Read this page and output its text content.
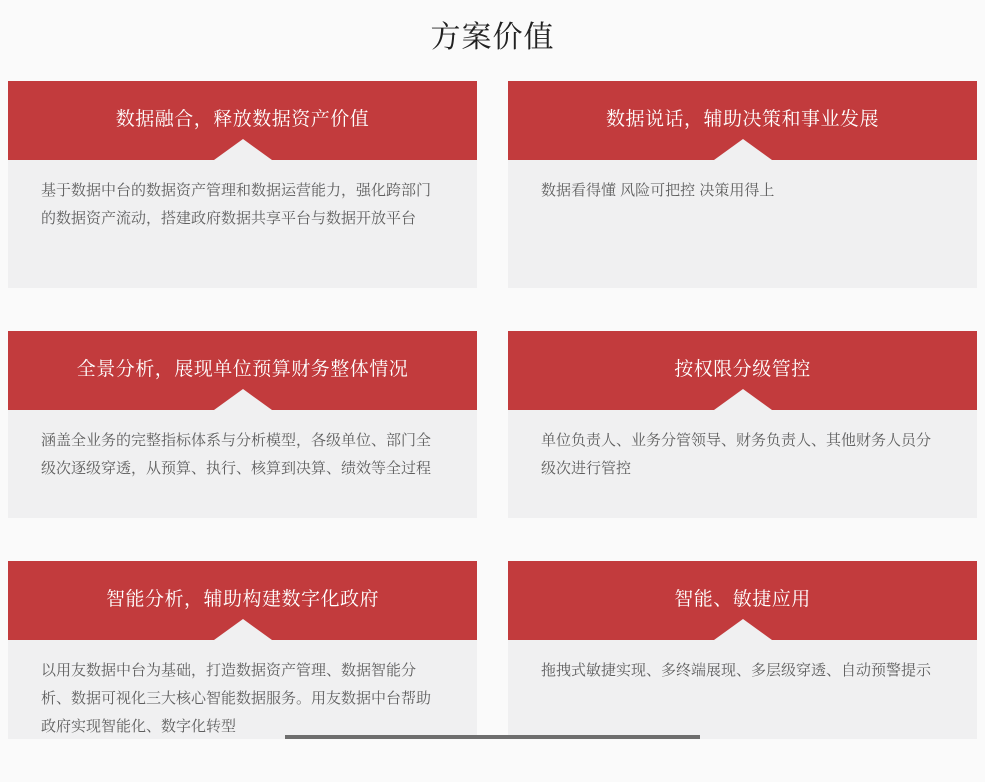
方案价值
数据融合，释放数据资产价值

基于数据中台的数据资产管理和数据运营能力，强化跨部门的数据资产流动，搭建政府数据共享平台与数据开放平台

数据说话，辅助决策和事业发展

数据看得懂 风险可把控 决策用得上

全景分析，展现单位预算财务整体情况

涵盖全业务的完整指标体系与分析模型，各级单位、部门全级次逐级穿透，从预算、执行、核算到决算、绩效等全过程

按权限分级管控

单位负责人、业务分管领导、财务负责人、其他财务人员分级次进行管控

智能分析，辅助构建数字化政府

以用友数据中台为基础，打造数据资产管理、数据智能分析、数据可视化三大核心智能数据服务。用友数据中台帮助政府实现智能化、数字化转型

智能、敏捷应用

拖拽式敏捷实现、多终端展现、多层级穿透、自动预警提示
